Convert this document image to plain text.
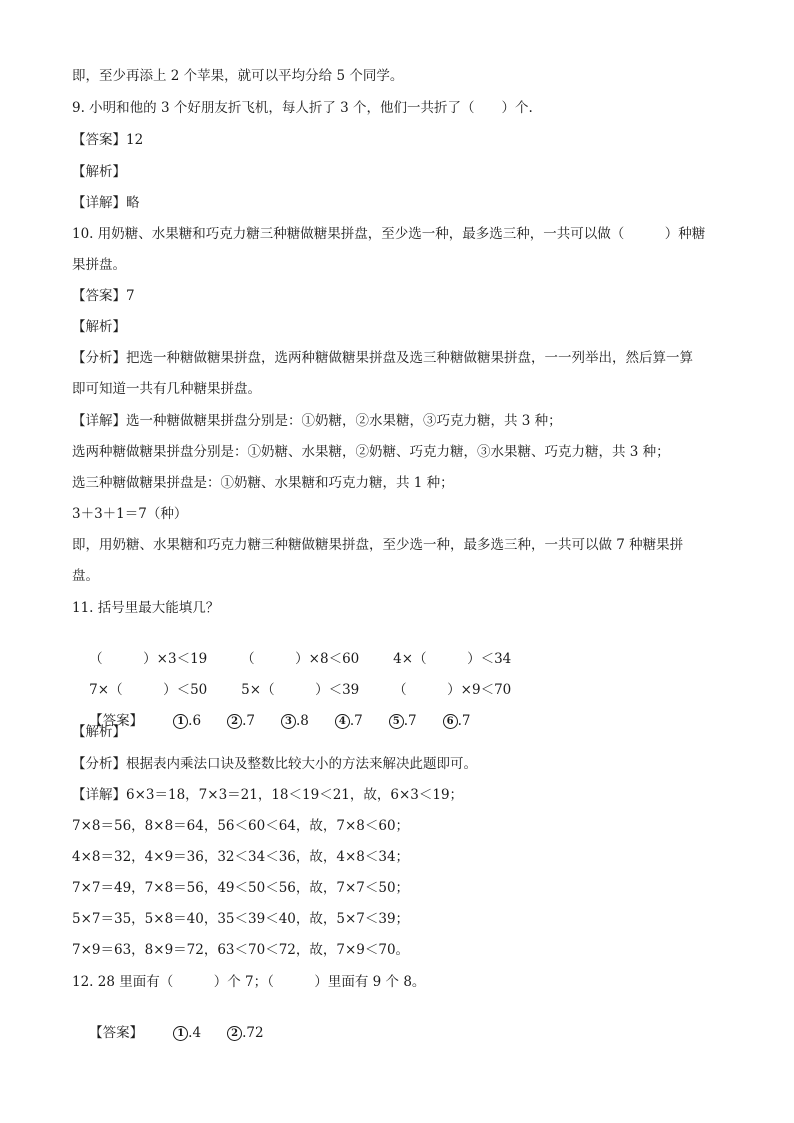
即，至少再添上 2 个苹果，就可以平均分给 5 个同学。
9. 小明和他的 3 个好朋友折飞机，每人折了 3 个，他们一共折了（　　）个.
【答案】12
【解析】
【详解】略
10. 用奶糖、水果糖和巧克力糖三种糖做糖果拼盘，至少选一种，最多选三种，一共可以做（　　　）种糖
果拼盘。
【答案】7
【解析】
【分析】把选一种糖做糖果拼盘，选两种糖做糖果拼盘及选三种糖做糖果拼盘，一一列举出，然后算一算
即可知道一共有几种糖果拼盘。
【详解】选一种糖做糖果拼盘分别是：①奶糖，②水果糖，③巧克力糖，共 3 种；
选两种糖做糖果拼盘分别是：①奶糖、水果糖，②奶糖、巧克力糖，③水果糖、巧克力糖，共 3 种；
选三种糖做糖果拼盘是：①奶糖、水果糖和巧克力糖，共 1 种；
3＋3＋1＝7（种）
即，用奶糖、水果糖和巧克力糖三种糖做糖果拼盘，至少选一种，最多选三种，一共可以做 7 种糖果拼
盘。
11. 括号里最大能填几？

（　　　）×3＜19	（　　　）×8＜60	4×（　　　）＜34

7×（　　　）＜50	5×（　　　）＜39	（　　　）×9＜70

【答案】	1 .6	2 .7	3 .8	4 .7	5 .7	6 .7

【解析】
【分析】根据表内乘法口诀及整数比较大小的方法来解决此题即可。
【详解】6×3＝18，7×3＝21，18＜19＜21，故，6×3＜19；
7×8＝56，8×8＝64，56＜60＜64，故，7×8＜60；
4×8＝32，4×9＝36，32＜34＜36，故，4×8＜34；
7×7＝49，7×8＝56，49＜50＜56，故，7×7＜50；
5×7＝35，5×8＝40，35＜39＜40，故，5×7＜39；
7×9＝63，8×9＝72，63＜70＜72，故，7×9＜70。
12. 28 里面有（　　　）个 7；（　　　）里面有 9 个 8。

【答案】	1 .4	2 .72
